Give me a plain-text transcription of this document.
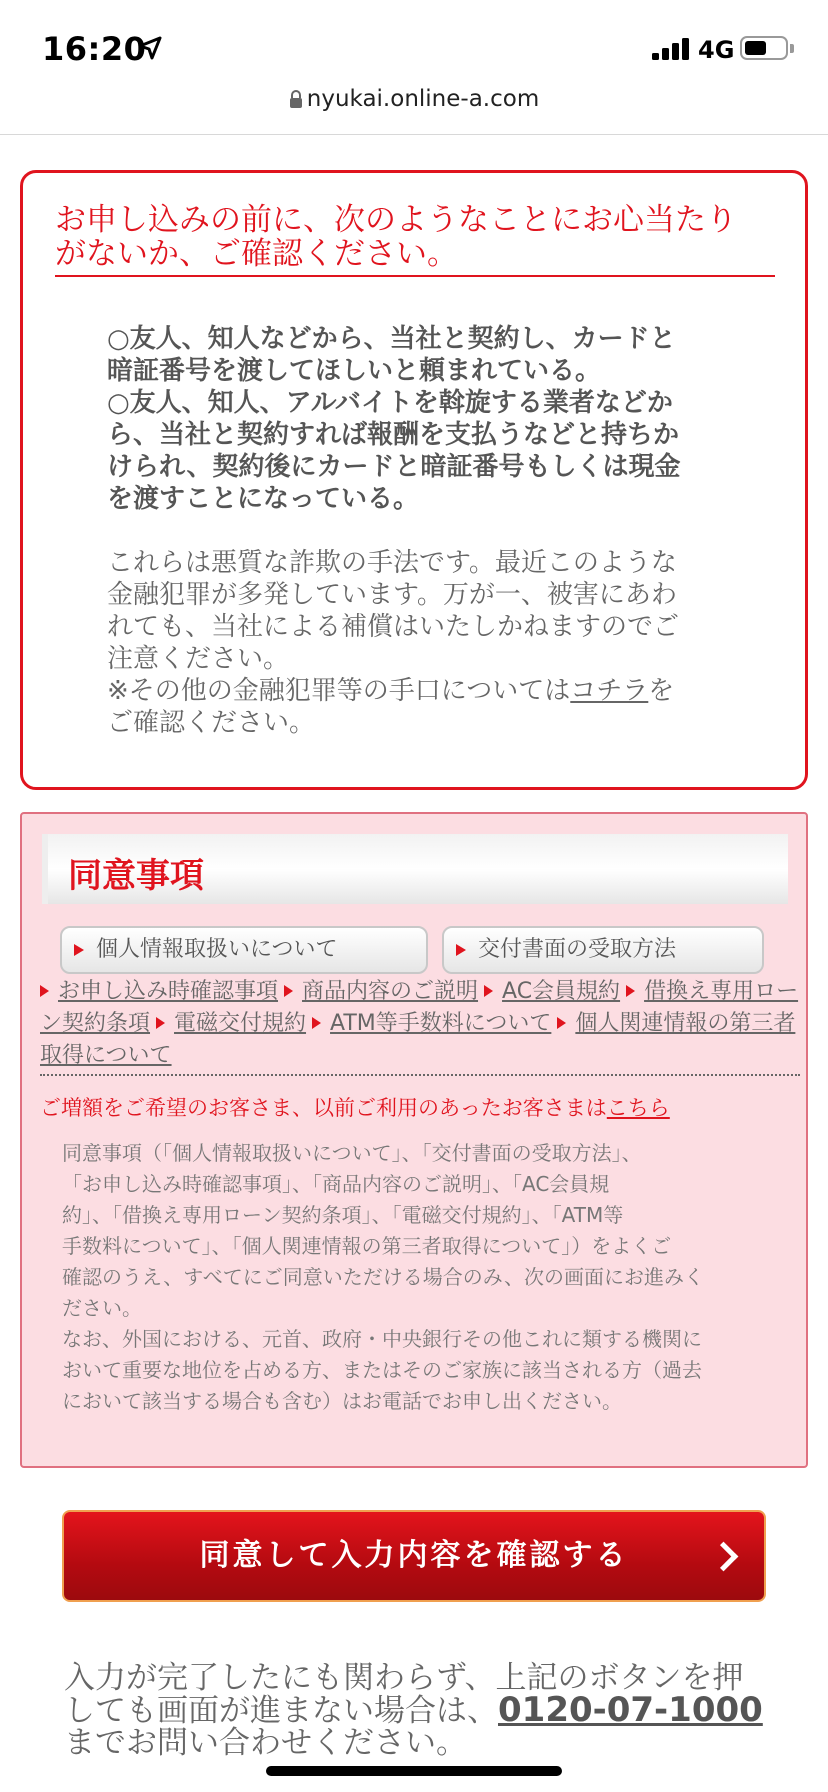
16:20	4G
nyukai.online-a.com
お申し込みの前に、次のようなことにお心当たり
がないか、ご確認ください。

○友人、知人などから、当社と契約し、カードと

暗証番号を渡してほしいと頼まれている。

○友人、知人、アルバイトを斡旋する業者などか

ら、当社と契約すれば報酬を支払うなどと持ちか

けられ、契約後にカードと暗証番号もしくは現金

を渡すことになっている。

これらは悪質な詐欺の手法です。最近このような

金融犯罪が多発しています。万が一、被害にあわ

れても、当社による補償はいたしかねますのでご

注意ください。

※その他の金融犯罪等の手口についてはコチラを

ご確認ください。

同意事項
個人情報取扱いについて	交付書面の受取方法
お申し込み時確認事項 商品内容のご説明 AC会員規約 借換え専用ローン契約条項 電磁交付規約 ATM等手数料について 個人関連情報の第三者取得について
ご増額をご希望のお客さま、以前ご利用のあったお客さまはこちら

同意事項（「個人情報取扱いについて」、「交付書面の受取方法」、

「お申し込み時確認事項」、「商品内容のご説明」、「AC会員規

約」、「借換え専用ローン契約条項」、「電磁交付規約」、「ATM等

手数料について」、「個人関連情報の第三者取得について」）をよくご

確認のうえ、すべてにご同意いただける場合のみ、次の画面にお進みく

ださい。

なお、外国における、元首、政府・中央銀行その他これに類する機関に

おいて重要な地位を占める方、またはそのご家族に該当される方（過去

において該当する場合も含む）はお電話でお申し出ください。

同意して入力内容を確認する

入力が完了したにも関わらず、上記のボタンを押

しても画面が進まない場合は、0120-07-1000

までお問い合わせください。
